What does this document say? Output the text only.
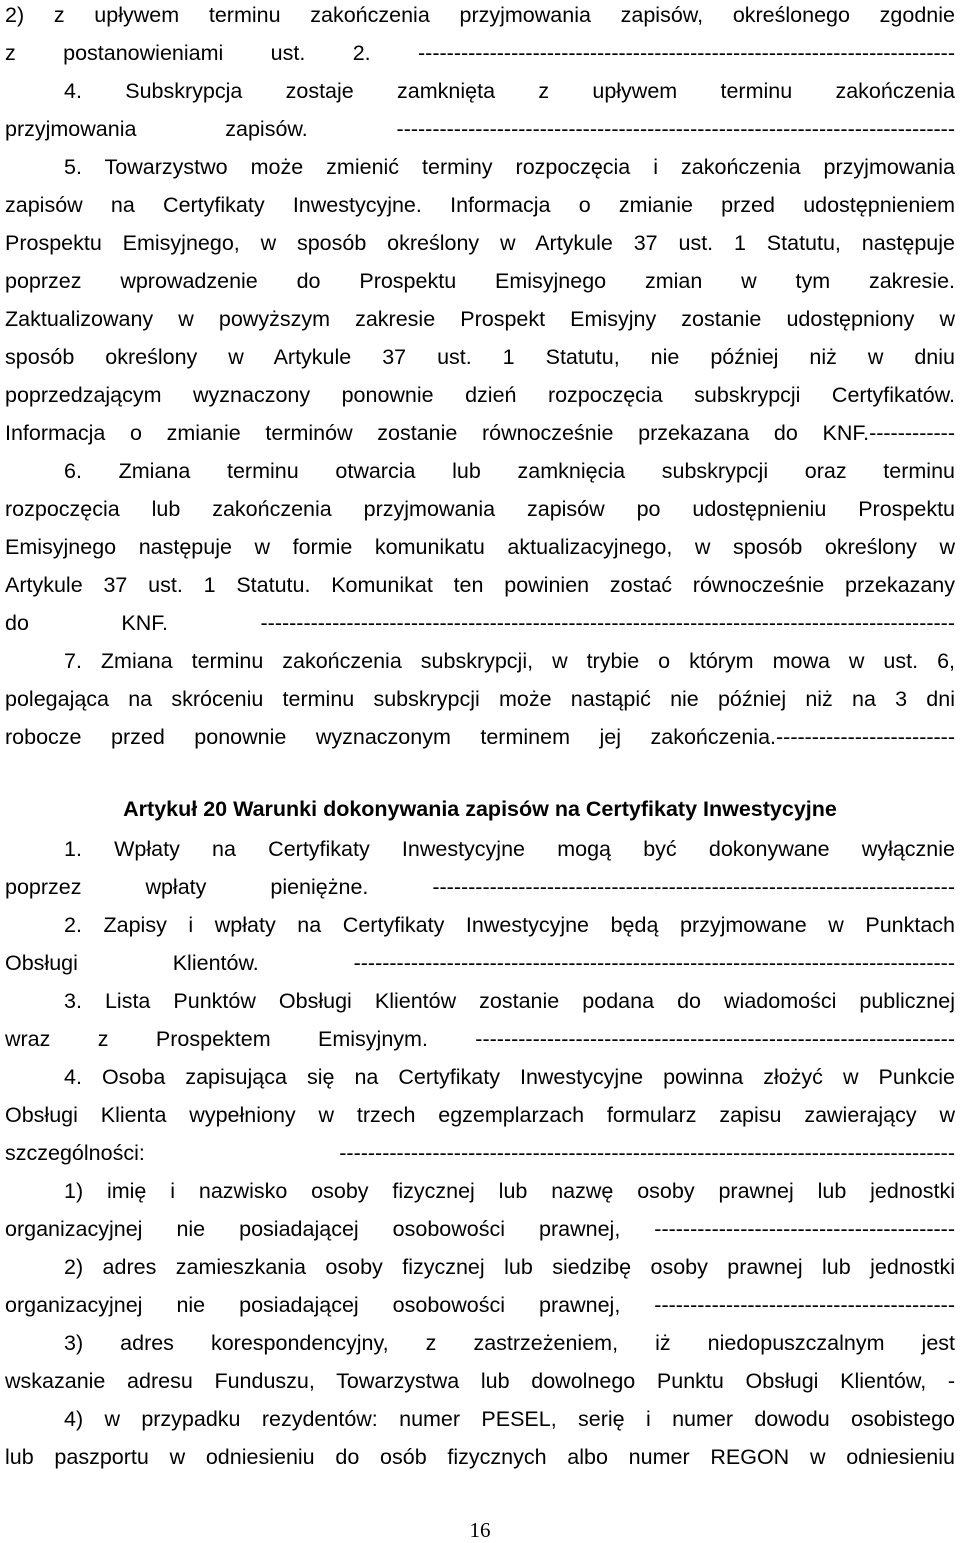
2) z upływem terminu zakończenia przyjmowania zapisów, określonego zgodnie
z postanowieniami ust. 2. ---------------------------------------------------------------------------
4. Subskrypcja zostaje zamknięta z upływem terminu zakończenia
przyjmowania zapisów. ------------------------------------------------------------------------------
5. Towarzystwo może zmienić terminy rozpoczęcia i zakończenia przyjmowania
zapisów na Certyfikaty Inwestycyjne. Informacja o zmianie przed udostępnieniem
Prospektu Emisyjnego, w sposób określony w Artykule 37 ust. 1 Statutu, następuje
poprzez wprowadzenie do Prospektu Emisyjnego zmian w tym zakresie.
Zaktualizowany w powyższym zakresie Prospekt Emisyjny zostanie udostępniony w
sposób określony w Artykule 37 ust. 1 Statutu, nie później niż w dniu
poprzedzającym wyznaczony ponownie dzień rozpoczęcia subskrypcji Certyfikatów.
Informacja o zmianie terminów zostanie równocześnie przekazana do KNF.------------
6. Zmiana terminu otwarcia lub zamknięcia subskrypcji oraz terminu
rozpoczęcia lub zakończenia przyjmowania zapisów po udostępnieniu Prospektu
Emisyjnego następuje w formie komunikatu aktualizacyjnego, w sposób określony w
Artykule 37 ust. 1 Statutu. Komunikat ten powinien zostać równocześnie przekazany
do KNF. -------------------------------------------------------------------------------------------------
7. Zmiana terminu zakończenia subskrypcji, w trybie o którym mowa w ust. 6,
polegająca na skróceniu terminu subskrypcji może nastąpić nie później niż na 3 dni
robocze przed ponownie wyznaczonym terminem jej zakończenia.-------------------------
Artykuł 20 Warunki dokonywania zapisów na Certyfikaty Inwestycyjne
1. Wpłaty na Certyfikaty Inwestycyjne mogą być dokonywane wyłącznie
poprzez wpłaty pieniężne. -------------------------------------------------------------------------
2. Zapisy i wpłaty na Certyfikaty Inwestycyjne będą przyjmowane w Punktach
Obsługi Klientów. ------------------------------------------------------------------------------------
3. Lista Punktów Obsługi Klientów zostanie podana do wiadomości publicznej
wraz z Prospektem Emisyjnym. -------------------------------------------------------------------
4. Osoba zapisująca się na Certyfikaty Inwestycyjne powinna złożyć w Punkcie
Obsługi Klienta wypełniony w trzech egzemplarzach formularz zapisu zawierający w
szczególności: --------------------------------------------------------------------------------------
1) imię i nazwisko osoby fizycznej lub nazwę osoby prawnej lub jednostki
organizacyjnej nie posiadającej osobowości prawnej, ------------------------------------------
2) adres zamieszkania osoby fizycznej lub siedzibę osoby prawnej lub jednostki
organizacyjnej nie posiadającej osobowości prawnej, ------------------------------------------
3) adres korespondencyjny, z zastrzeżeniem, iż niedopuszczalnym jest
wskazanie adresu Funduszu, Towarzystwa lub dowolnego Punktu Obsługi Klientów, -
4) w przypadku rezydentów: numer PESEL, serię i numer dowodu osobistego
lub paszportu w odniesieniu do osób fizycznych albo numer REGON w odniesieniu
16
